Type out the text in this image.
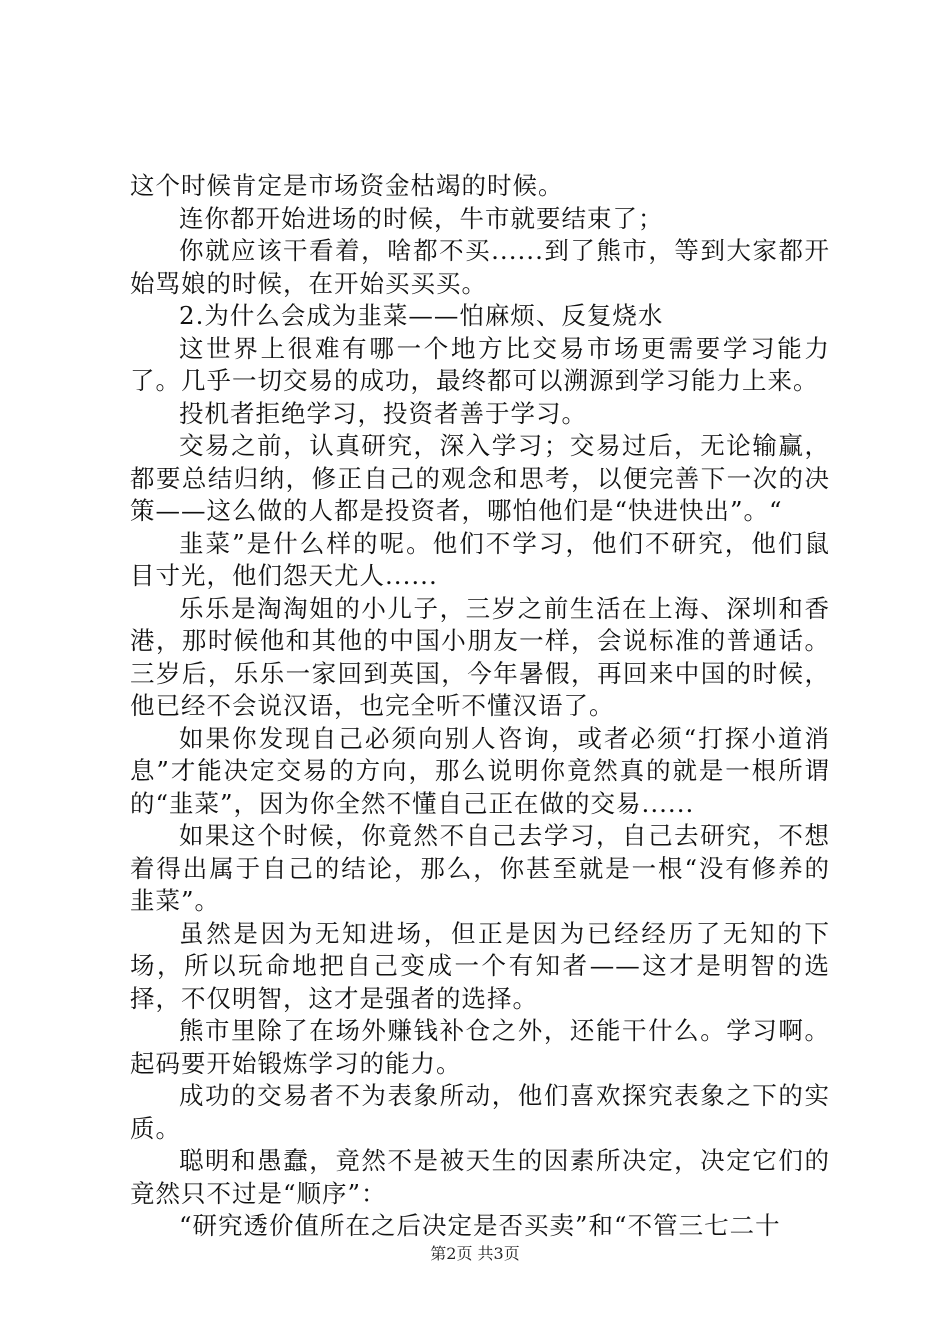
这个时候肯定是市场资金枯竭的时候。

连你都开始进场的时候，牛市就要结束了；

你就应该干看着，啥都不买......到了熊市，等到大家都开始骂娘的时候，在开始买买买。

2.为什么会成为韭菜——怕麻烦、反复烧水

这世界上很难有哪一个地方比交易市场更需要学习能力了。几乎一切交易的成功，最终都可以溯源到学习能力上来。

投机者拒绝学习，投资者善于学习。

交易之前，认真研究，深入学习；交易过后，无论输赢，都要总结归纳，修正自己的观念和思考，以便完善下一次的决策——这么做的人都是投资者，哪怕他们是“快进快出”。“

韭菜”是什么样的呢。他们不学习，他们不研究，他们鼠目寸光，他们怨天尤人......

乐乐是淘淘姐的小儿子，三岁之前生活在上海、深圳和香港，那时候他和其他的中国小朋友一样，会说标准的普通话。三岁后，乐乐一家回到英国，今年暑假，再回来中国的时候，他已经不会说汉语，也完全听不懂汉语了。

如果你发现自己必须向别人咨询，或者必须“打探小道消息”才能决定交易的方向，那么说明你竟然真的就是一根所谓的“韭菜”，因为你全然不懂自己正在做的交易......

如果这个时候，你竟然不自己去学习，自己去研究，不想着得出属于自己的结论，那么，你甚至就是一根“没有修养的韭菜”。

虽然是因为无知进场，但正是因为已经经历了无知的下场，所以玩命地把自己变成一个有知者——这才是明智的选择，不仅明智，这才是强者的选择。

熊市里除了在场外赚钱补仓之外，还能干什么。学习啊。起码要开始锻炼学习的能力。

成功的交易者不为表象所动，他们喜欢探究表象之下的实质。

聪明和愚蠢，竟然不是被天生的因素所决定，决定它们的竟然只不过是“顺序”：

“研究透价值所在之后决定是否买卖”和“不管三七二十

第2页 共3页
